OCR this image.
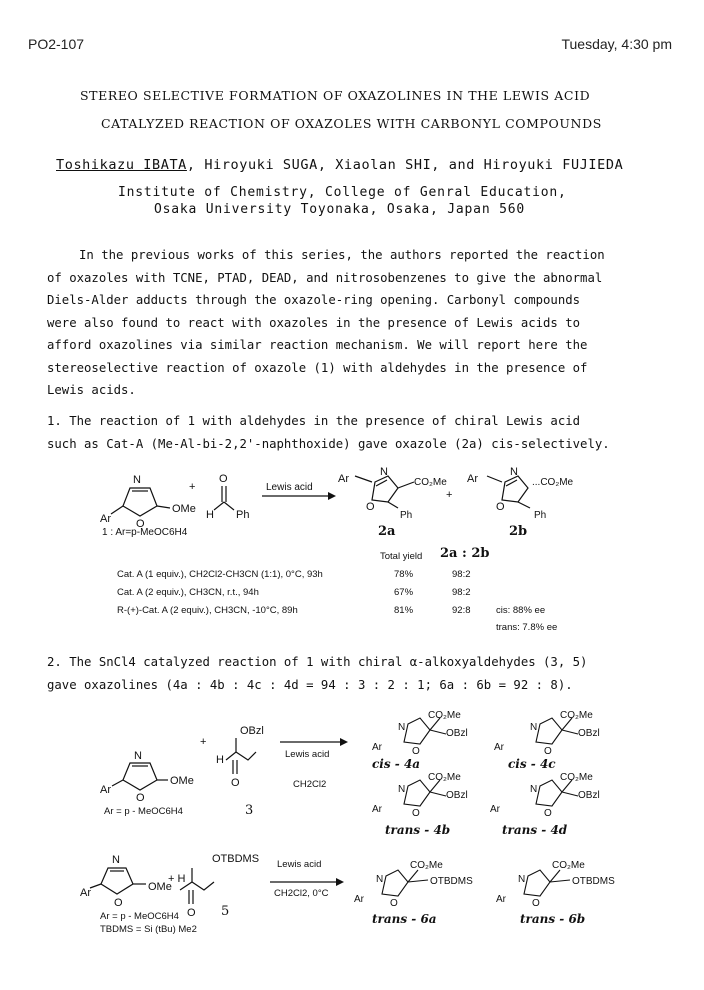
PO2-107	Tuesday, 4:30 pm
STEREO SELECTIVE FORMATION OF OXAZOLINES IN THE LEWIS ACID
CATALYZED REACTION OF OXAZOLES WITH CARBONYL COMPOUNDS
Toshikazu IBATA, Hiroyuki SUGA, Xiaolan SHI, and Hiroyuki FUJIEDA
Institute of Chemistry, College of Genral Education,
Osaka University Toyonaka, Osaka, Japan 560
In the previous works of this series, the authors reported the reaction
of oxazoles with TCNE, PTAD, DEAD, and nitrosobenzenes to give the abnormal
Diels-Alder adducts through the oxazole-ring opening. Carbonyl compounds
were also found to react with oxazoles in the presence of Lewis acids to
afford oxazolines via similar reaction mechanism. We will report here the
stereoselective reaction of oxazole (1) with aldehydes in the presence of
Lewis acids.
1. The reaction of 1 with aldehydes in the presence of chiral Lewis acid
such as Cat-A (Me-Al-bi-2,2'-naphthoxide) gave oxazole (2a) cis-selectively.
N
Ar O
OMe
+
O
H Ph
Ar
N
O
CO₂Me
Ph
+
Ar
N
O
...CO₂Me
Ph
Lewis acid
1 : Ar=p-MeOC6H4	2a	2b
Total yield 2a : 2b
Cat. A (1 equiv.), CH2Cl2-CH3CN (1:1), 0°C, 93h	78%	98:2
Cat. A (2 equiv.), CH3CN, r.t., 94h	67%	98:2
R-(+)-Cat. A (2 equiv.), CH3CN, -10°C, 89h	81%	92:8	cis: 88% ee
trans: 7.8% ee
2. The SnCl4 catalyzed reaction of 1 with chiral α-alkoxyaldehydes (3, 5)
gave oxazolines (4a : 4b : 4c : 4d = 94 : 3 : 2 : 1; 6a : 6b = 92 : 8).
N
Ar
O
OMe
+
OBzl
H
O
CO₂Me
OBzl
N
Ar	O
CO₂Me
OBzl
N
Ar	O
CO₂Me
OBzl
N
Ar	O
CO₂Me
OBzl
N
Ar	O
Lewis acid
CH2Cl2
Ar = p - MeOC6H4	3
cis - 4a	cis - 4c
trans - 4b	trans - 4d
N
Ar
O
OMe
+ H
OTBDMS
O
CO₂Me
OTBDMS
N
Ar	O
CO₂Me
OTBDMS
N
Ar	O
Lewis acid
CH2Cl2, 0°C
Ar = p - MeOC6H4
TBDMS = Si (tBu) Me2
5	trans - 6a	trans - 6b
